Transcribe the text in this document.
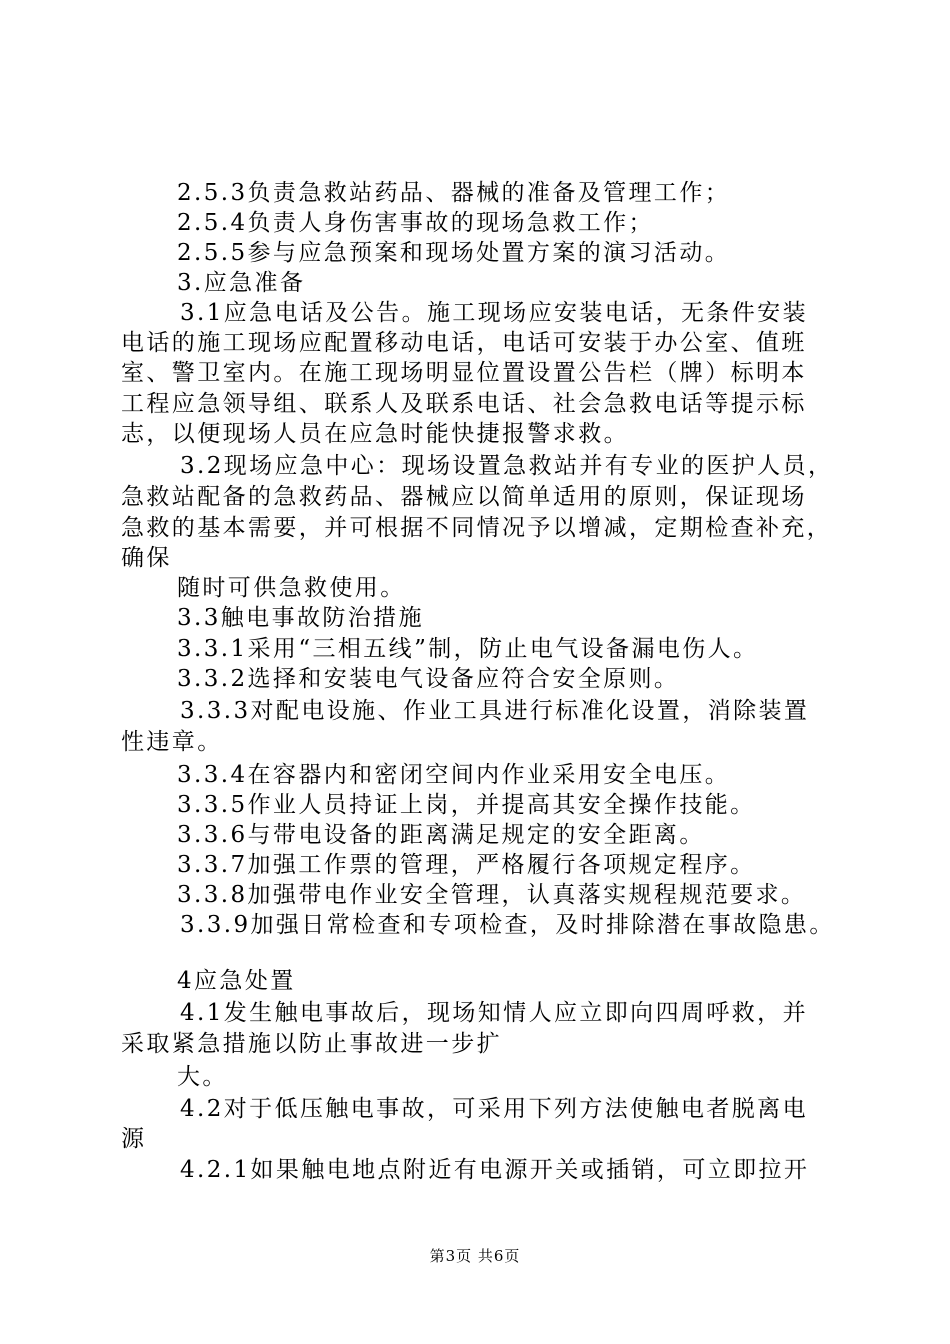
2.5.3负责急救站药品、器械的准备及管理工作；
2.5.4负责人身伤害事故的现场急救工作；
2.5.5参与应急预案和现场处置方案的演习活动。
3.应急准备
3.1应急电话及公告。施工现场应安装电话，无条件安装
电话的施工现场应配置移动电话，电话可安装于办公室、值班
室、警卫室内。在施工现场明显位置设置公告栏（牌）标明本
工程应急领导组、联系人及联系电话、社会急救电话等提示标
志，以便现场人员在应急时能快捷报警求救。
3.2现场应急中心：现场设置急救站并有专业的医护人员，
急救站配备的急救药品、器械应以简单适用的原则，保证现场
急救的基本需要，并可根据不同情况予以增减，定期检查补充，
确保
随时可供急救使用。
3.3触电事故防治措施
3.3.1采用“三相五线”制，防止电气设备漏电伤人。
3.3.2选择和安装电气设备应符合安全原则。
3.3.3对配电设施、作业工具进行标准化设置，消除装置
性违章。
3.3.4在容器内和密闭空间内作业采用安全电压。
3.3.5作业人员持证上岗，并提高其安全操作技能。
3.3.6与带电设备的距离满足规定的安全距离。
3.3.7加强工作票的管理，严格履行各项规定程序。
3.3.8加强带电作业安全管理，认真落实规程规范要求。
3.3.9加强日常检查和专项检查，及时排除潜在事故隐患。
4应急处置
4.1发生触电事故后，现场知情人应立即向四周呼救，并
采取紧急措施以防止事故进一步扩
大。
4.2对于低压触电事故，可采用下列方法使触电者脱离电
源
4.2.1如果触电地点附近有电源开关或插销，可立即拉开
第3页 共6页
